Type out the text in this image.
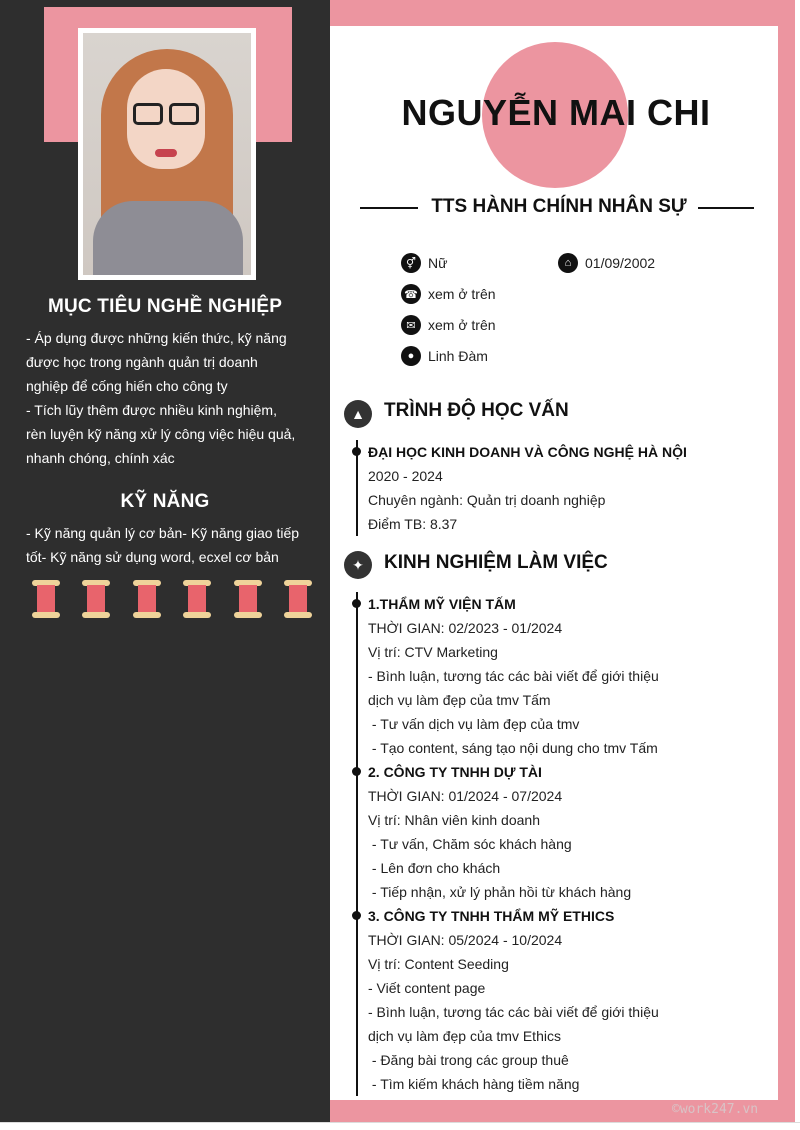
MỤC TIÊU NGHỀ NGHIỆP
- Áp dụng được những kiến thức, kỹ năng
được học trong ngành quản trị doanh
nghiệp để cống hiến cho công ty
- Tích lũy thêm được nhiều kinh nghiệm,
rèn luyện kỹ năng xử lý công việc hiệu quả,
nhanh chóng, chính xác
KỸ NĂNG
- Kỹ năng quản lý cơ bản- Kỹ năng giao tiếp
tốt- Kỹ năng sử dụng word, ecxel cơ bản
NGUYỄN MAI CHI
TTS HÀNH CHÍNH NHÂN SỰ
⚥ Nữ	⌂ 01/09/2002
☎ xem ở trên
✉ xem ở trên
● Linh Đàm
▲	TRÌNH ĐỘ HỌC VẤN
ĐẠI HỌC KINH DOANH VÀ CÔNG NGHỆ HÀ NỘI
2020 - 2024
Chuyên ngành: Quản trị doanh nghiệp
Điểm TB: 8.37
✦	KINH NGHIỆM LÀM VIỆC
1.THẨM MỸ VIỆN TẤM
THỜI GIAN: 02/2023 - 01/2024
Vị trí: CTV Marketing
- Bình luận, tương tác các bài viết để giới thiệu
dịch vụ làm đẹp của tmv Tấm
- Tư vấn dịch vụ làm đẹp của tmv
- Tạo content, sáng tạo nội dung cho tmv Tấm
2. CÔNG TY TNHH DỰ TÀI
THỜI GIAN: 01/2024 - 07/2024
Vị trí: Nhân viên kinh doanh
- Tư vấn, Chăm sóc khách hàng
- Lên đơn cho khách
- Tiếp nhận, xử lý phản hồi từ khách hàng
3. CÔNG TY TNHH THẨM MỸ ETHICS
THỜI GIAN: 05/2024 - 10/2024
Vị trí: Content Seeding
- Viết content page
- Bình luận, tương tác các bài viết để giới thiệu
dịch vụ làm đẹp của tmv Ethics
- Đăng bài trong các group thuê
- Tìm kiếm khách hàng tiềm năng
©work247.vn
